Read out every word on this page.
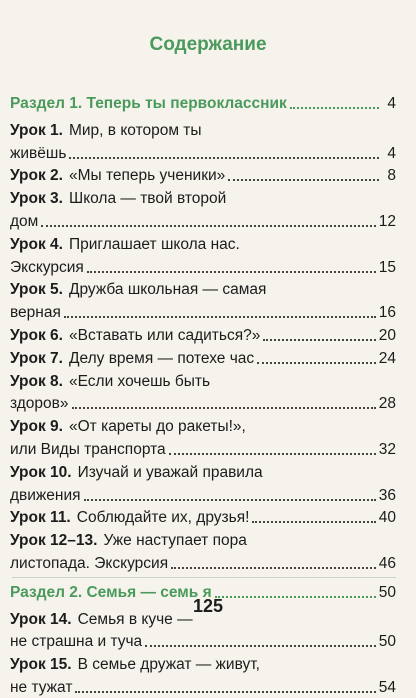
Содержание
Раздел 1. Теперь ты первоклассник	4
Урок 1. Мир, в котором ты
живёшь	4
Урок 2. «Мы теперь ученики»	8
Урок 3. Школа — твой второй
дом	12
Урок 4. Приглашает школа нас.
Экскурсия	15
Урок 5. Дружба школьная — самая
верная	16
Урок 6. «Вставать или садиться?»	20
Урок 7. Делу время — потехе час	24
Урок 8. «Если хочешь быть
здоров»	28
Урок 9. «От кареты до ракеты!»,
или Виды транспорта	32
Урок 10. Изучай и уважай правила
движения	36
Урок 11. Соблюдайте их, друзья!	40
Урок 12–13. Уже наступает пора
листопада. Экскурсия	46
Раздел 2. Семья — семь я	50
Урок 14. Семья в куче —
не страшна и туча	50
Урок 15. В семье дружат — живут,
не тужат	54
125
